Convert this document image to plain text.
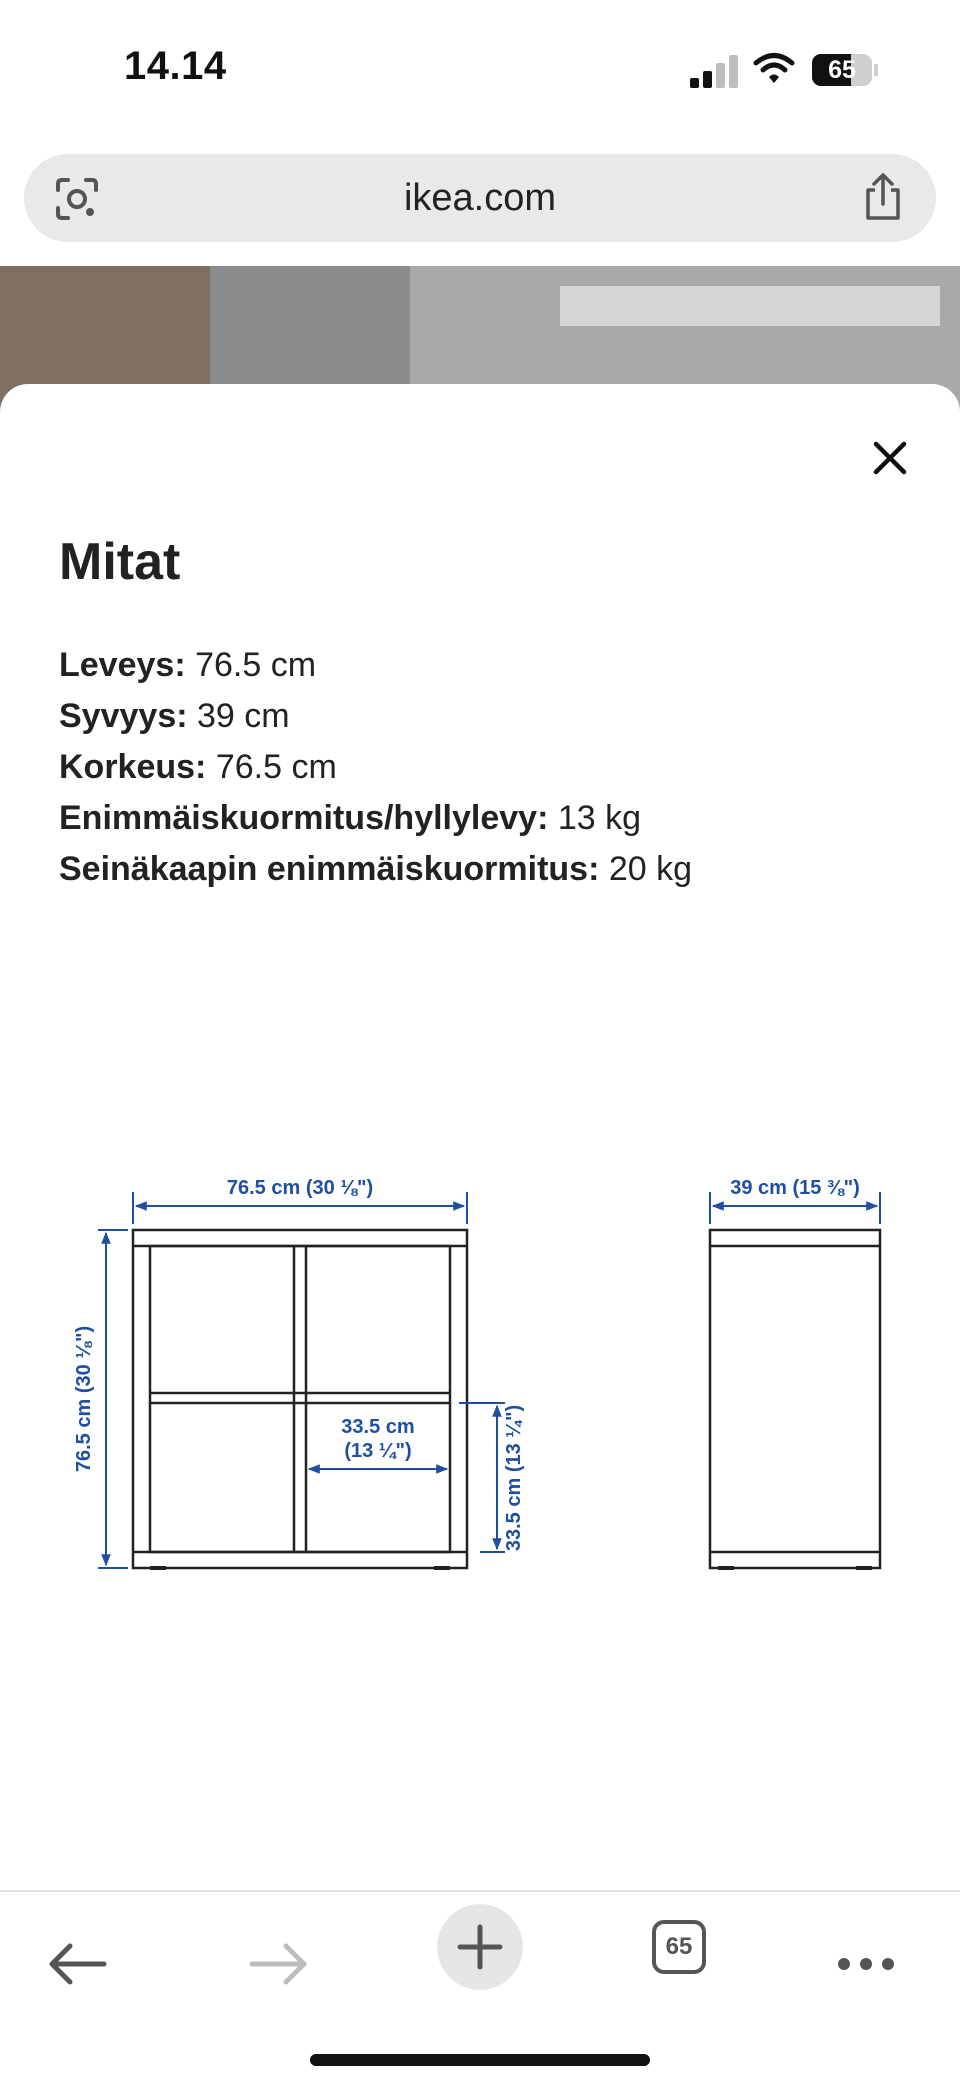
14.14	65
ikea.com
Mitat
Leveys: 76.5 cm
Syvyys: 39 cm
Korkeus: 76.5 cm
Enimmäiskuormitus/hyllylevy: 13 kg
Seinäkaapin enimmäiskuormitus: 20 kg
76.5 cm (30 ⅛")
76.5 cm (30 ⅛")	33.5 cm
(13 ¼")	33.5 cm (13 ¼")
39 cm (15 ⅜")
65
